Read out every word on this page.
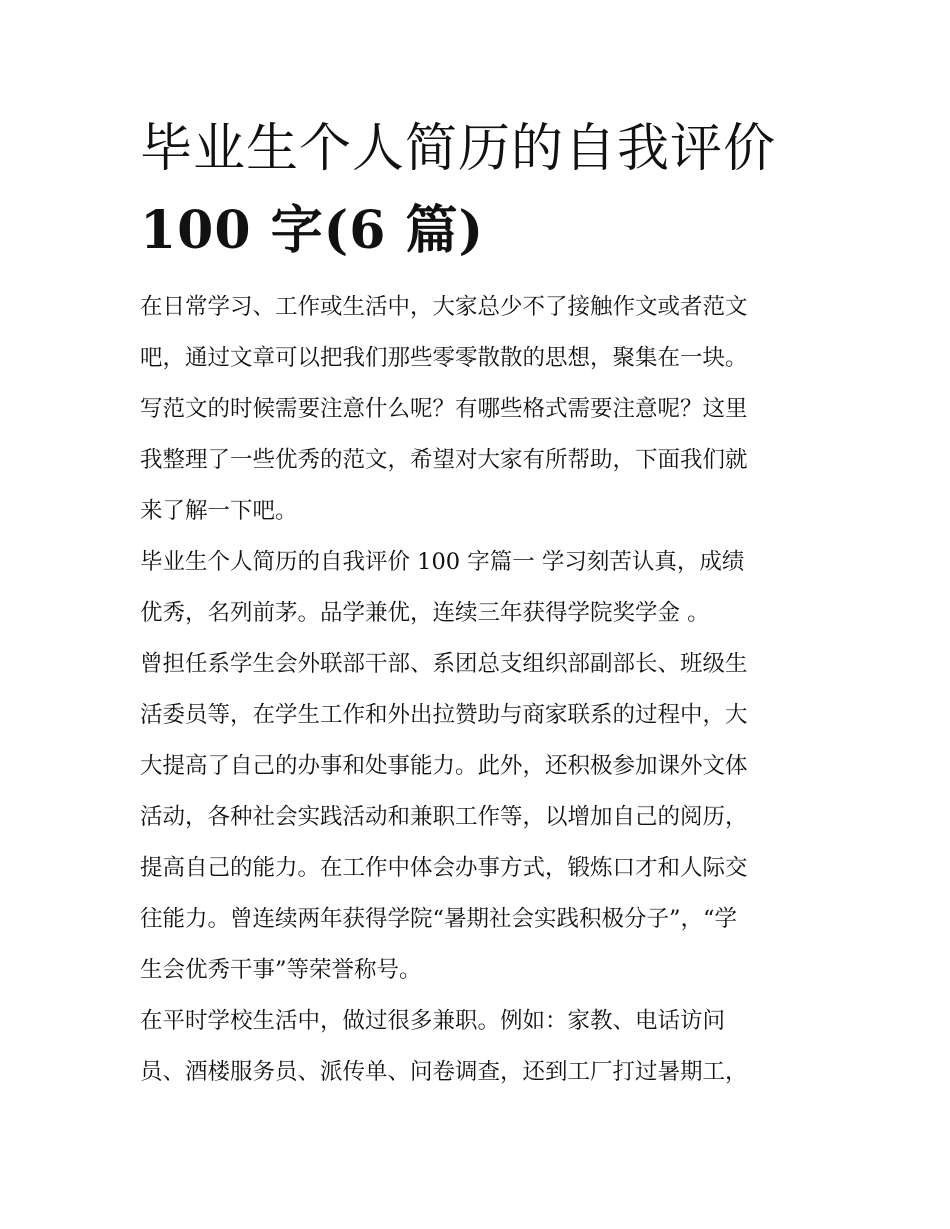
毕业生个人简历的自我评价
100 字(6 篇)

在日常学习、工作或生活中，大家总少不了接触作文或者范文
吧，通过文章可以把我们那些零零散散的思想，聚集在一块。
写范文的时候需要注意什么呢？有哪些格式需要注意呢？这里
我整理了一些优秀的范文，希望对大家有所帮助，下面我们就
来了解一下吧。

毕业生个人简历的自我评价 100 字篇一 学习刻苦认真，成绩
优秀，名列前茅。品学兼优，连续三年获得学院奖学金 。

曾担任系学生会外联部干部、系团总支组织部副部长、班级生
活委员等，在学生工作和外出拉赞助与商家联系的过程中，大
大提高了自己的办事和处事能力。此外，还积极参加课外文体
活动，各种社会实践活动和兼职工作等，以增加自己的阅历，
提高自己的能力。在工作中体会办事方式，锻炼口才和人际交
往能力。曾连续两年获得学院“暑期社会实践积极分子”，“学
生会优秀干事”等荣誉称号。

在平时学校生活中，做过很多兼职。例如：家教、电话访问
员、酒楼服务员、派传单、问卷调查，还到工厂打过暑期工，
